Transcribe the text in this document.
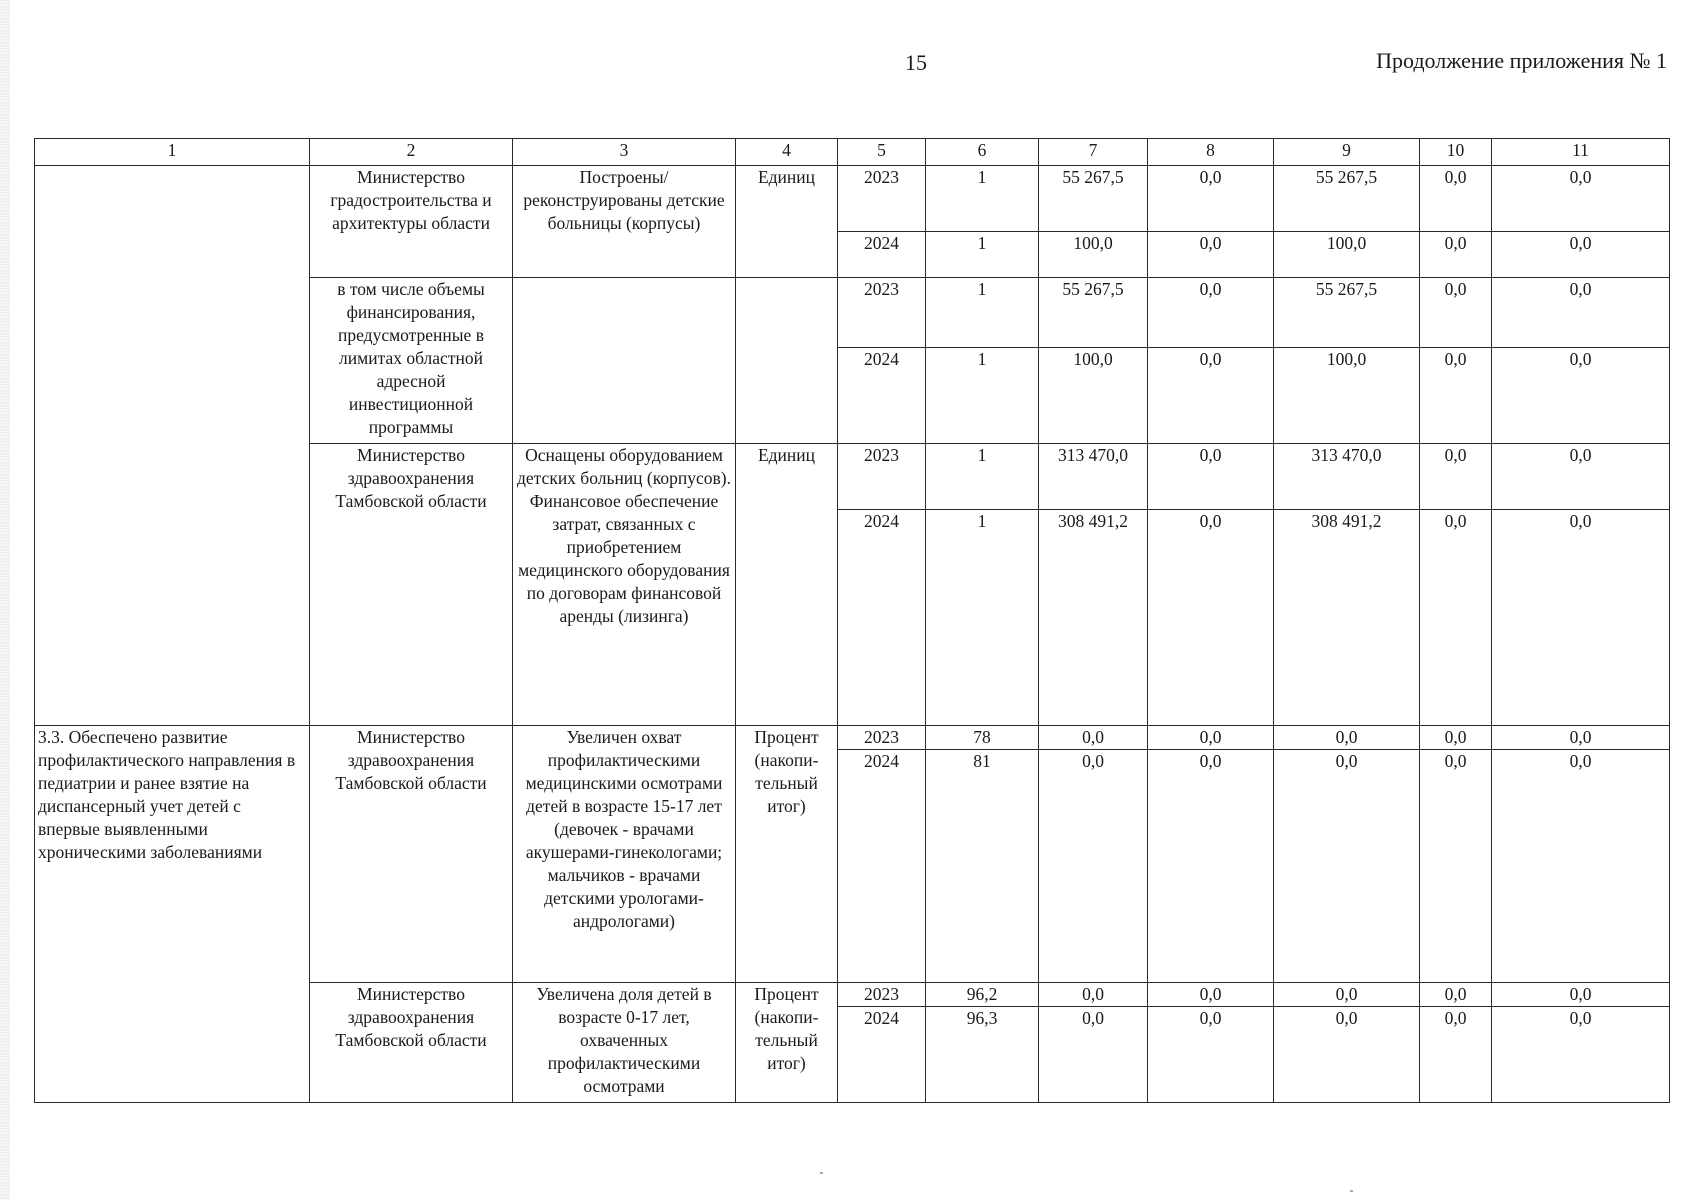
15	Продолжение приложения № 1
1	2	3	4	5	6	7	8	9	10	11
	Министерство градостроительства и архитектуры области	Построены/ реконструированы детские больницы (корпусы)	Единиц	2023	1	55 267,5	0,0	55 267,5	0,0	0,0
				2024	1	100,0	0,0	100,0	0,0	0,0
	в том числе объемы финансирования, предусмотренные в лимитах областной адресной инвестиционной программы			2023	1	55 267,5	0,0	55 267,5	0,0	0,0
				2024	1	100,0	0,0	100,0	0,0	0,0
	Министерство здравоохранения Тамбовской области	Оснащены оборудованием детских больниц (корпусов). Финансовое обеспечение затрат, связанных с приобретением медицинского оборудования по договорам финансовой аренды (лизинга)	Единиц	2023	1	313 470,0	0,0	313 470,0	0,0	0,0
				2024	1	308 491,2	0,0	308 491,2	0,0	0,0
3.3. Обеспечено развитие профилактического направления в педиатрии и ранее взятие на диспансерный учет детей с впервые выявленными хроническими заболеваниями	Министерство здравоохранения Тамбовской области	Увеличен охват профилактическими медицинскими осмотрами детей в возрасте 15-17 лет (девочек - врачами акушерами-гинекологами; мальчиков - врачами детскими урологами-андрологами)	Процент (накопи-тельный итог)	2023	78	0,0	0,0	0,0	0,0	0,0
				2024	81	0,0	0,0	0,0	0,0	0,0
	Министерство здравоохранения Тамбовской области	Увеличена доля детей в возрасте 0-17 лет, охваченных профилактическими осмотрами	Процент (накопи-тельный итог)	2023	96,2	0,0	0,0	0,0	0,0	0,0
				2024	96,3	0,0	0,0	0,0	0,0	0,0
